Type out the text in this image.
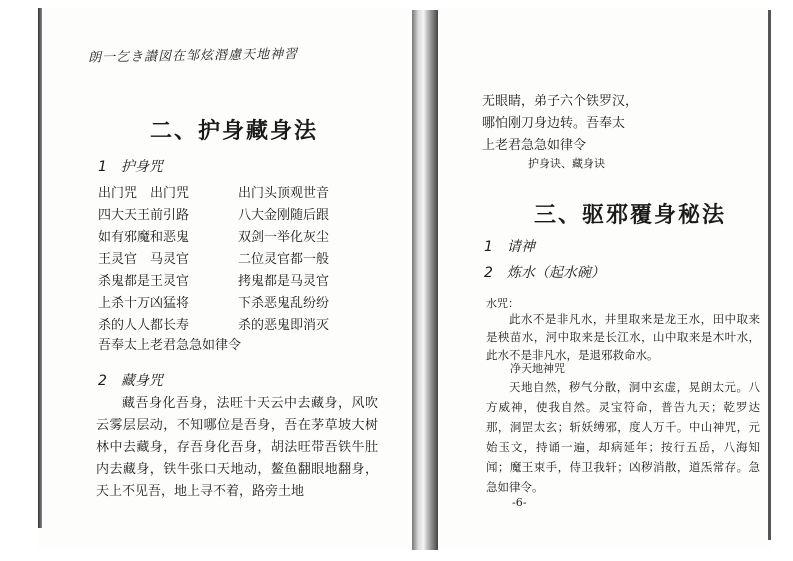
朗一乞き讃図在邹炫湣慮天地神習
二、护身藏身法
1　护身咒
出门咒　出门咒
四大天王前引路
如有邪魔和恶鬼
王灵官　马灵官
杀鬼都是王灵官
上杀十万凶猛将
杀的人人都长寿
出门头顶观世音
八大金刚随后跟
双剑一举化灰尘
二位灵官都一般
拷鬼都是马灵官
下杀恶鬼乱纷纷
杀的恶鬼即消灭
吾奉太上老君急急如律令
2　藏身咒
藏吾身化吾身，法旺十天云中去藏身，风吹云雾层层动，不知哪位是吾身，吾在茅草坡大树林中去藏身，存吾身化吾身，胡法旺带吾铁牛肚内去藏身，铁牛张口天地动，鳌鱼翻眼地翻身，天上不见吾，地上寻不着，路旁土地
无眼睛，弟子六个铁罗汉，
哪怕刚刀身边转。吾奉太
上老君急急如律令
护身诀、藏身诀
三、驱邪覆身秘法
1　请神
2　炼水（起水碗）
水咒：
此水不是非凡水，井里取来是龙王水，田中取来是秧苗水，河中取来是长江水，山中取来是木叶水，此水不是非凡水，是退邪救命水。
净天地神咒
天地自然，秽气分散，洞中玄虚，晃朗太元。八方威神，使我自然。灵宝符命，普告九天；乾罗达那，洞罡太玄；斩妖缚邪，度人万千。中山神咒，元始玉文，持诵一遍，却病延年；按行五岳，八海知闻；魔王束手，侍卫我轩；凶秽消散，道炁常存。急急如律令。
-6-
